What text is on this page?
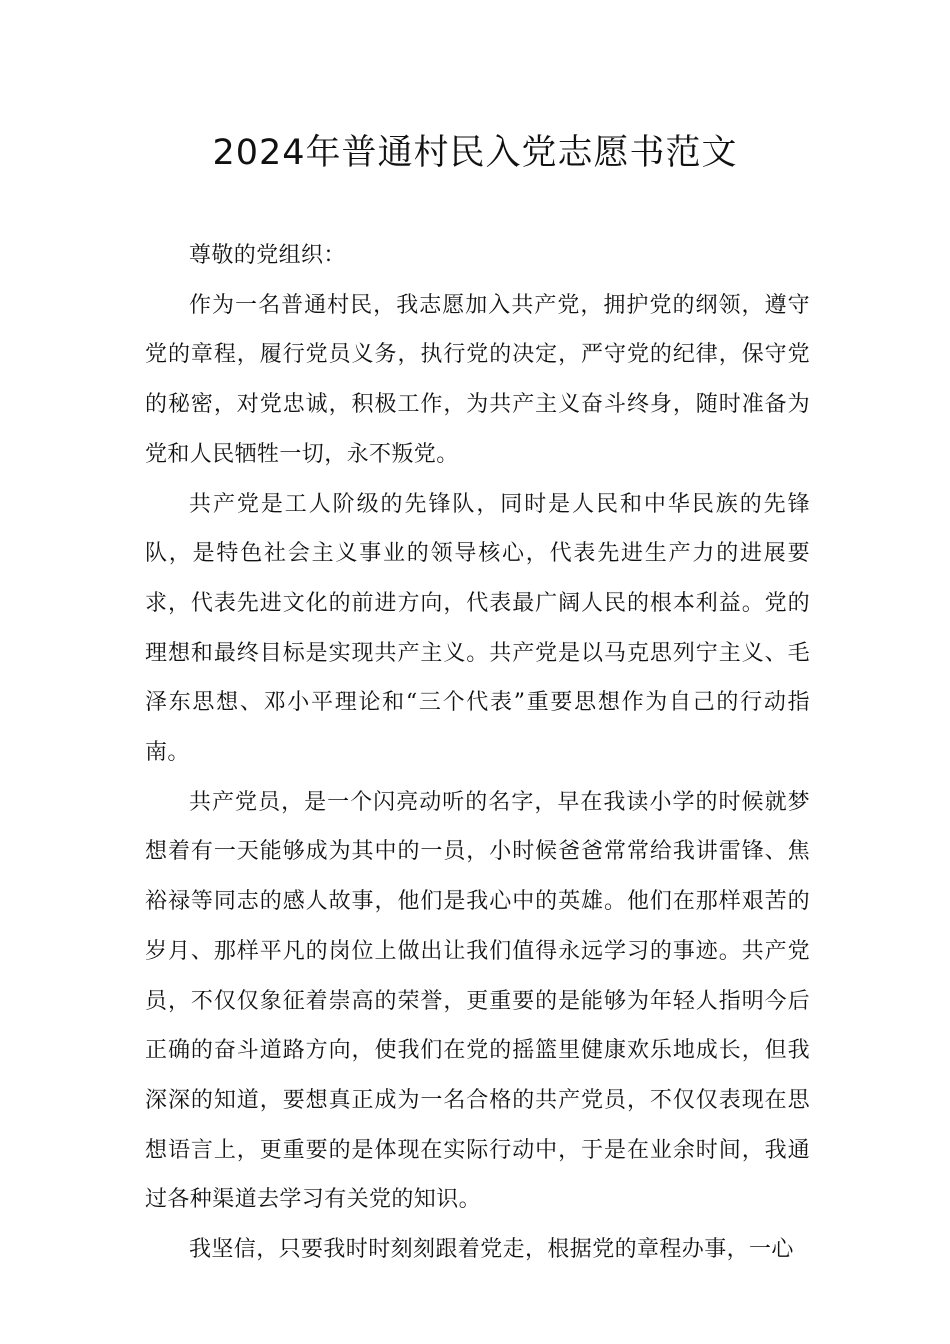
2024年普通村民入党志愿书范文

尊敬的党组织：

作为一名普通村民，我志愿加入共产党，拥护党的纲领，遵守党的章程，履行党员义务，执行党的决定，严守党的纪律，保守党的秘密，对党忠诚，积极工作，为共产主义奋斗终身，随时准备为党和人民牺牲一切，永不叛党。

共产党是工人阶级的先锋队，同时是人民和中华民族的先锋队，是特色社会主义事业的领导核心，代表先进生产力的进展要求，代表先进文化的前进方向，代表最广阔人民的根本利益。党的理想和最终目标是实现共产主义。共产党是以马克思列宁主义、毛泽东思想、邓小平理论和“三个代表”重要思想作为自己的行动指南。

共产党员，是一个闪亮动听的名字，早在我读小学的时候就梦想着有一天能够成为其中的一员，小时候爸爸常常给我讲雷锋、焦裕禄等同志的感人故事，他们是我心中的英雄。他们在那样艰苦的岁月、那样平凡的岗位上做出让我们值得永远学习的事迹。共产党员，不仅仅象征着崇高的荣誉，更重要的是能够为年轻人指明今后正确的奋斗道路方向，使我们在党的摇篮里健康欢乐地成长，但我深深的知道，要想真正成为一名合格的共产党员，不仅仅表现在思想语言上，更重要的是体现在实际行动中，于是在业余时间，我通过各种渠道去学习有关党的知识。

我坚信，只要我时时刻刻跟着党走，根据党的章程办事，一心
